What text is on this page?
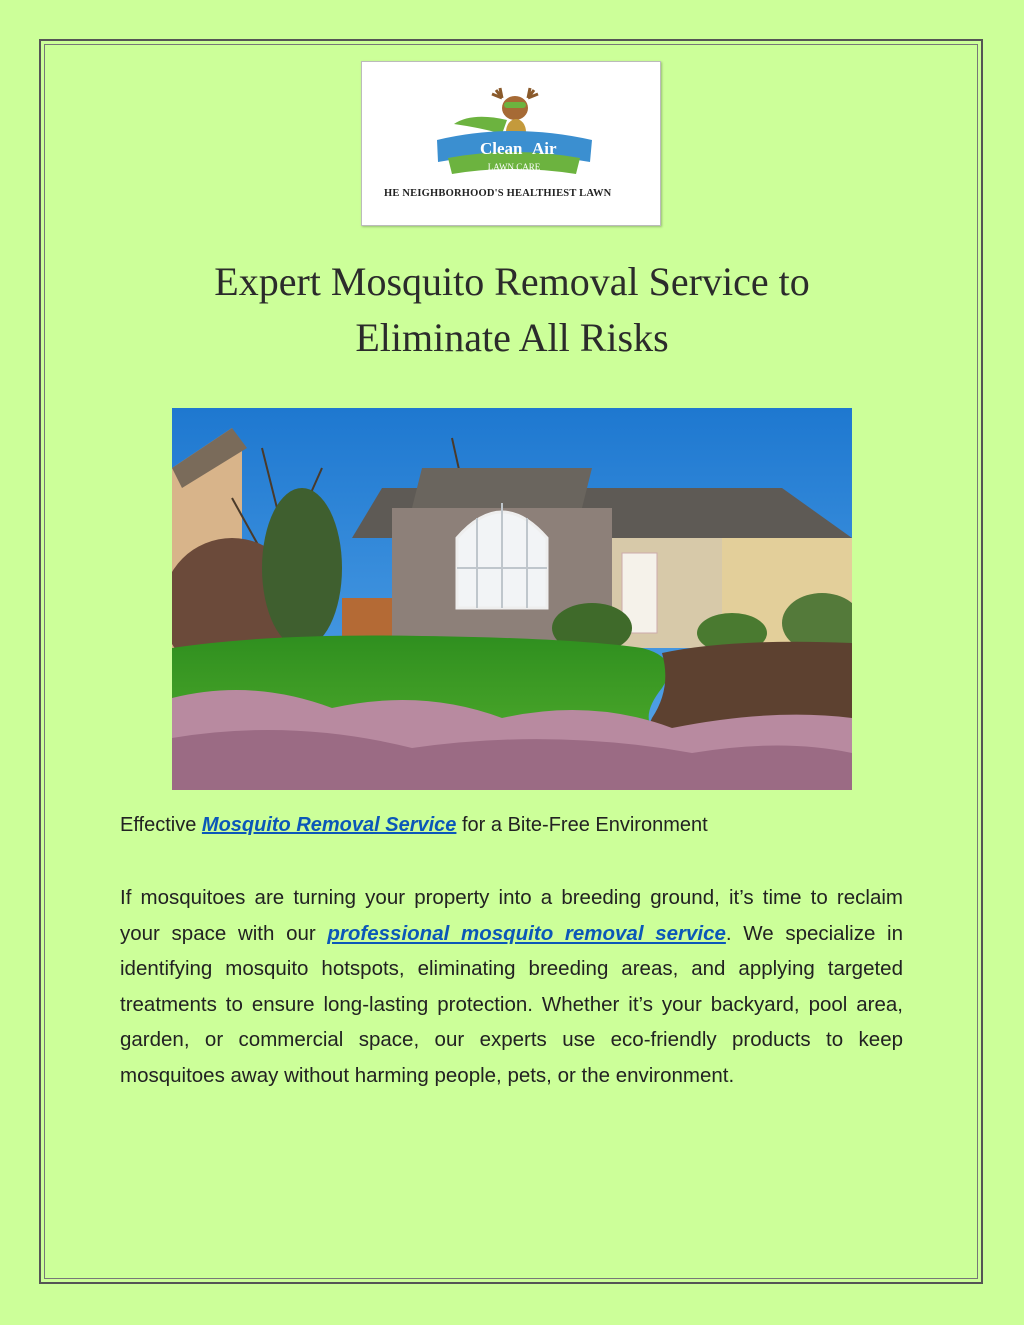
Clean Air
LAWN CARE
HE NEIGHBORHOOD'S HEALTHIEST LAWN
Expert Mosquito Removal Service to
Eliminate All Risks
Effective Mosquito Removal Service for a Bite-Free Environment

If mosquitoes are turning your property into a breeding ground, it’s time to reclaim your space with our professional mosquito removal service. We specialize in identifying mosquito hotspots, eliminating breeding areas, and applying targeted treatments to ensure long-lasting protection. Whether it’s your backyard, pool area, garden, or commercial space, our experts use eco-friendly products to keep mosquitoes away without harming people, pets, or the environment.
